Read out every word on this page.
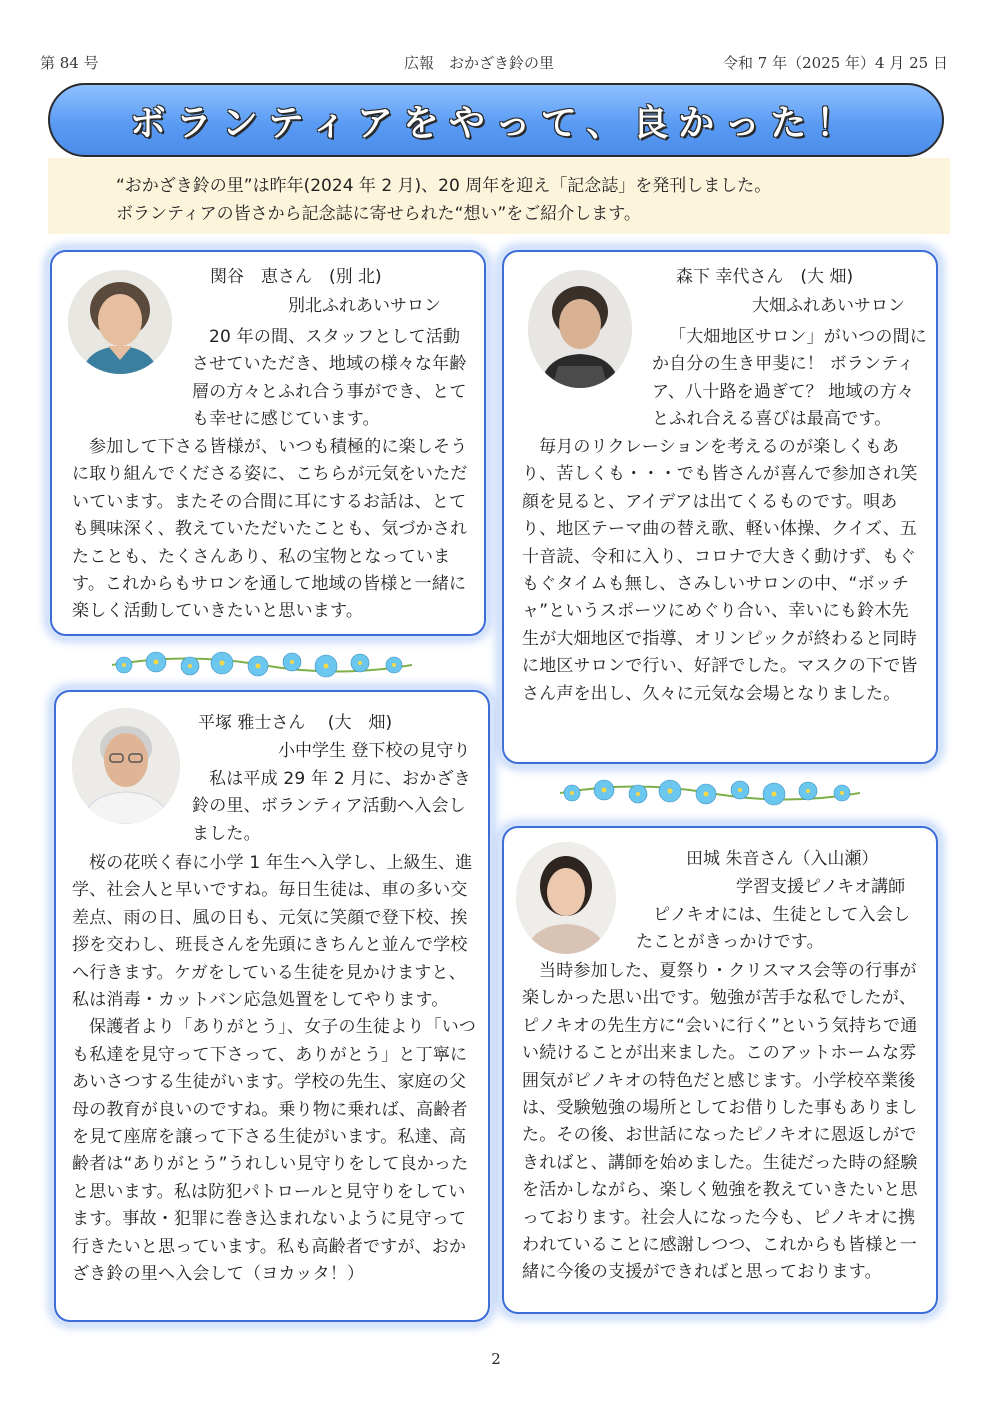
第 84 号	広報　おかざき鈴の里	令和 7 年（2025 年）4 月 25 日
ボランティアをやって、良かった！
“おかざき鈴の里”は昨年(2024 年 2 月)、20 周年を迎え「記念誌」を発刊しました。
ボランティアの皆さから記念誌に寄せられた“想い”をご紹介します。
関谷　恵さん　(別 北)
別北ふれあいサロン

20 年の間、スタッフとして活動させていただき、地域の様々な年齢層の方々とふれ合う事ができ、とても幸せに感じています。

参加して下さる皆様が、いつも積極的に楽しそうに取り組んでくださる姿に、こちらが元気をいただいています。またその合間に耳にするお話は、とても興味深く、教えていただいたことも、気づかされたことも、たくさんあり、私の宝物となっています。これからもサロンを通して地域の皆様と一緒に楽しく活動していきたいと思います。

森下 幸代さん　(大 畑)
大畑ふれあいサロン

「大畑地区サロン」がいつの間にか自分の生き甲斐に！ ボランティア、八十路を過ぎて？ 地域の方々とふれ合える喜びは最高です。

毎月のリクレーションを考えるのが楽しくもあり、苦しくも・・・でも皆さんが喜んで参加され笑顔を見ると、アイデアは出てくるものです。唄あり、地区テーマ曲の替え歌、軽い体操、クイズ、五十音読、令和に入り、コロナで大きく動けず、もぐもぐタイムも無し、さみしいサロンの中、“ボッチャ”というスポーツにめぐり合い、幸いにも鈴木先生が大畑地区で指導、オリンピックが終わると同時に地区サロンで行い、好評でした。マスクの下で皆さん声を出し、久々に元気な会場となりました。

平塚 雅士さん　 (大　畑)
小中学生 登下校の見守り

私は平成 29 年 2 月に、おかざき鈴の里、ボランティア活動へ入会しました。

桜の花咲く春に小学 1 年生へ入学し、上級生、進学、社会人と早いですね。毎日生徒は、車の多い交差点、雨の日、風の日も、元気に笑顔で登下校、挨拶を交わし、班長さんを先頭にきちんと並んで学校へ行きます。ケガをしている生徒を見かけますと、私は消毒・カットバン応急処置をしてやります。

保護者より「ありがとう」、女子の生徒より「いつも私達を見守って下さって、ありがとう」と丁寧にあいさつする生徒がいます。学校の先生、家庭の父母の教育が良いのですね。乗り物に乗れば、高齢者を見て座席を譲って下さる生徒がいます。私達、高齢者は“ありがとう”うれしい見守りをして良かったと思います。私は防犯パトロールと見守りをしています。事故・犯罪に巻き込まれないように見守って行きたいと思っています。私も高齢者ですが、おかざき鈴の里へ入会して（ヨカッタ！）

田城 朱音さん（入山瀬）
学習支援ピノキオ講師

ピノキオには、生徒として入会したことがきっかけです。

当時参加した、夏祭り・クリスマス会等の行事が楽しかった思い出です。勉強が苦手な私でしたが、ピノキオの先生方に“会いに行く”という気持ちで通い続けることが出来ました。このアットホームな雰囲気がピノキオの特色だと感じます。小学校卒業後は、受験勉強の場所としてお借りした事もありました。その後、お世話になったピノキオに恩返しができればと、講師を始めました。生徒だった時の経験を活かしながら、楽しく勉強を教えていきたいと思っております。社会人になった今も、ピノキオに携われていることに感謝しつつ、これからも皆様と一緒に今後の支援ができればと思っております。

2
